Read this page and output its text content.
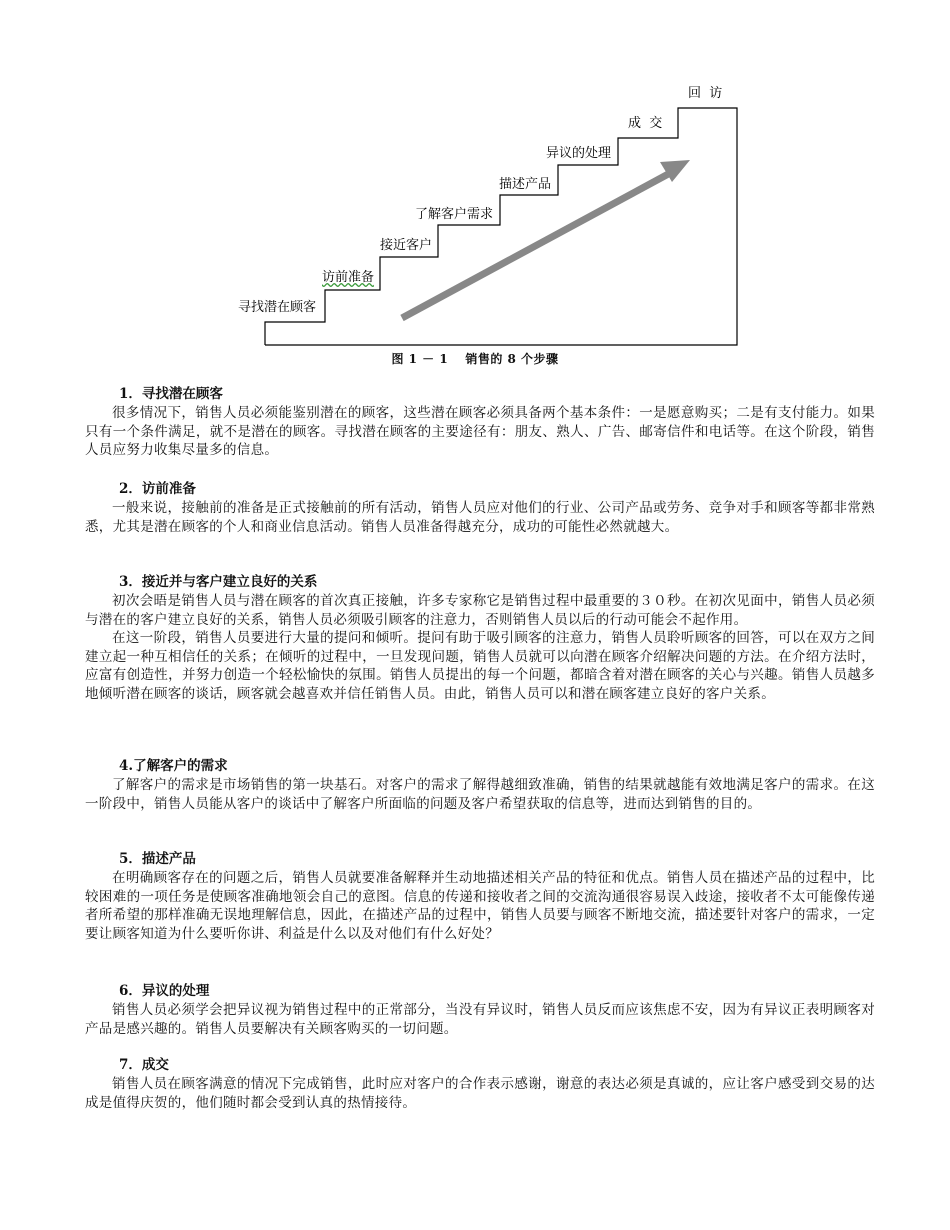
寻找潜在顾客
访前准备
接近客户
了解客户需求
描述产品
异议的处理
成  交
回  访
图 1 － 1　 销售的 8 个步骤
1．寻找潜在顾客

很多情况下，销售人员必须能鉴别潜在的顾客，这些潜在顾客必须具备两个基本条件：一是愿意购买；二是有支付能力。如果只有一个条件满足，就不是潜在的顾客。寻找潜在顾客的主要途径有：朋友、熟人、广告、邮寄信件和电话等。在这个阶段，销售人员应努力收集尽量多的信息。

2．访前准备

一般来说，接触前的准备是正式接触前的所有活动，销售人员应对他们的行业、公司产品或劳务、竞争对手和顾客等都非常熟悉，尤其是潜在顾客的个人和商业信息活动。销售人员准备得越充分，成功的可能性必然就越大。

3．接近并与客户建立良好的关系

初次会晤是销售人员与潜在顾客的首次真正接触，许多专家称它是销售过程中最重要的３０秒。在初次见面中，销售人员必须与潜在的客户建立良好的关系，销售人员必须吸引顾客的注意力，否则销售人员以后的行动可能会不起作用。

在这一阶段，销售人员要进行大量的提问和倾听。提问有助于吸引顾客的注意力，销售人员聆听顾客的回答，可以在双方之间建立起一种互相信任的关系；在倾听的过程中，一旦发现问题，销售人员就可以向潜在顾客介绍解决问题的方法。在介绍方法时，应富有创造性，并努力创造一个轻松愉快的氛围。销售人员提出的每一个问题，都暗含着对潜在顾客的关心与兴趣。销售人员越多地倾听潜在顾客的谈话，顾客就会越喜欢并信任销售人员。由此，销售人员可以和潜在顾客建立良好的客户关系。

4.了解客户的需求

了解客户的需求是市场销售的第一块基石。对客户的需求了解得越细致准确，销售的结果就越能有效地满足客户的需求。在这一阶段中，销售人员能从客户的谈话中了解客户所面临的问题及客户希望获取的信息等，进而达到销售的目的。

5．描述产品

在明确顾客存在的问题之后，销售人员就要准备解释并生动地描述相关产品的特征和优点。销售人员在描述产品的过程中，比较困难的一项任务是使顾客准确地领会自己的意图。信息的传递和接收者之间的交流沟通很容易误入歧途，接收者不太可能像传递者所希望的那样准确无误地理解信息，因此，在描述产品的过程中，销售人员要与顾客不断地交流，描述要针对客户的需求，一定要让顾客知道为什么要听你讲、利益是什么以及对他们有什么好处？

6．异议的处理

销售人员必须学会把异议视为销售过程中的正常部分，当没有异议时，销售人员反而应该焦虑不安，因为有异议正表明顾客对产品是感兴趣的。销售人员要解决有关顾客购买的一切问题。

7．成交

销售人员在顾客满意的情况下完成销售，此时应对客户的合作表示感谢，谢意的表达必须是真诚的，应让客户感受到交易的达成是值得庆贺的，他们随时都会受到认真的热情接待。
